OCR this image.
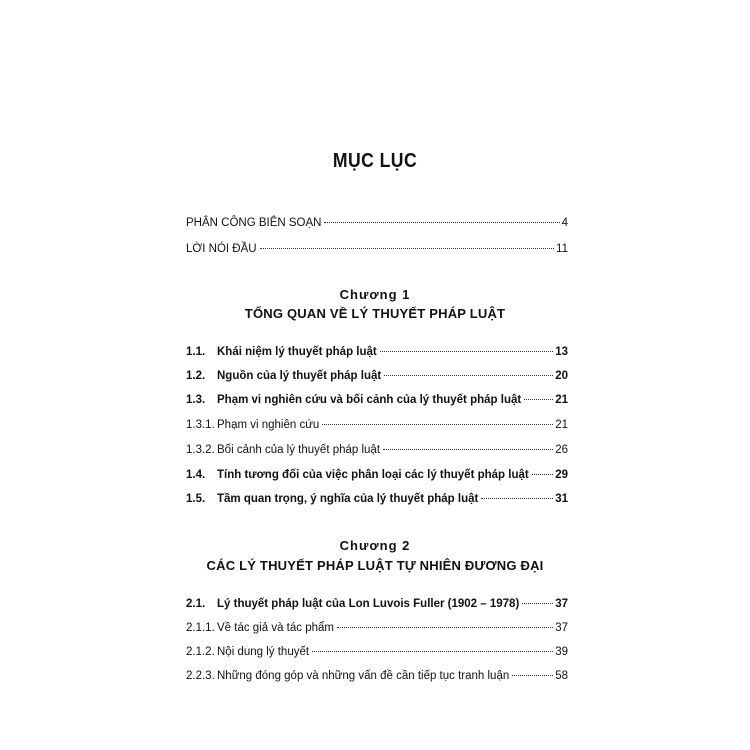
MỤC LỤC
PHÂN CÔNG BIÊN SOẠN	4
LỜI NÓI ĐẦU	11
Chương 1
TỔNG QUAN VỀ LÝ THUYẾT PHÁP LUẬT
1.1.	Khái niệm lý thuyết pháp luật	13
1.2.	Nguồn của lý thuyết pháp luật	20
1.3.	Phạm vi nghiên cứu và bối cảnh của lý thuyết pháp luật	21
1.3.1. Phạm vi nghiên cứu	21
1.3.2. Bối cảnh của lý thuyết pháp luật	26
1.4.	Tính tương đối của việc phân loại các lý thuyết pháp luật 29
1.5.	Tầm quan trọng, ý nghĩa của lý thuyết pháp luật	31
Chương 2
CÁC LÝ THUYẾT PHÁP LUẬT TỰ NHIÊN ĐƯƠNG ĐẠI
2.1.	Lý thuyết pháp luật của Lon Luvois Fuller (1902 – 1978)	37
2.1.1. Về tác giả và tác phẩm	37
2.1.2. Nội dung lý thuyết	39
2.2.3. Những đóng góp và những vấn đề cần tiếp tục tranh luận	58
